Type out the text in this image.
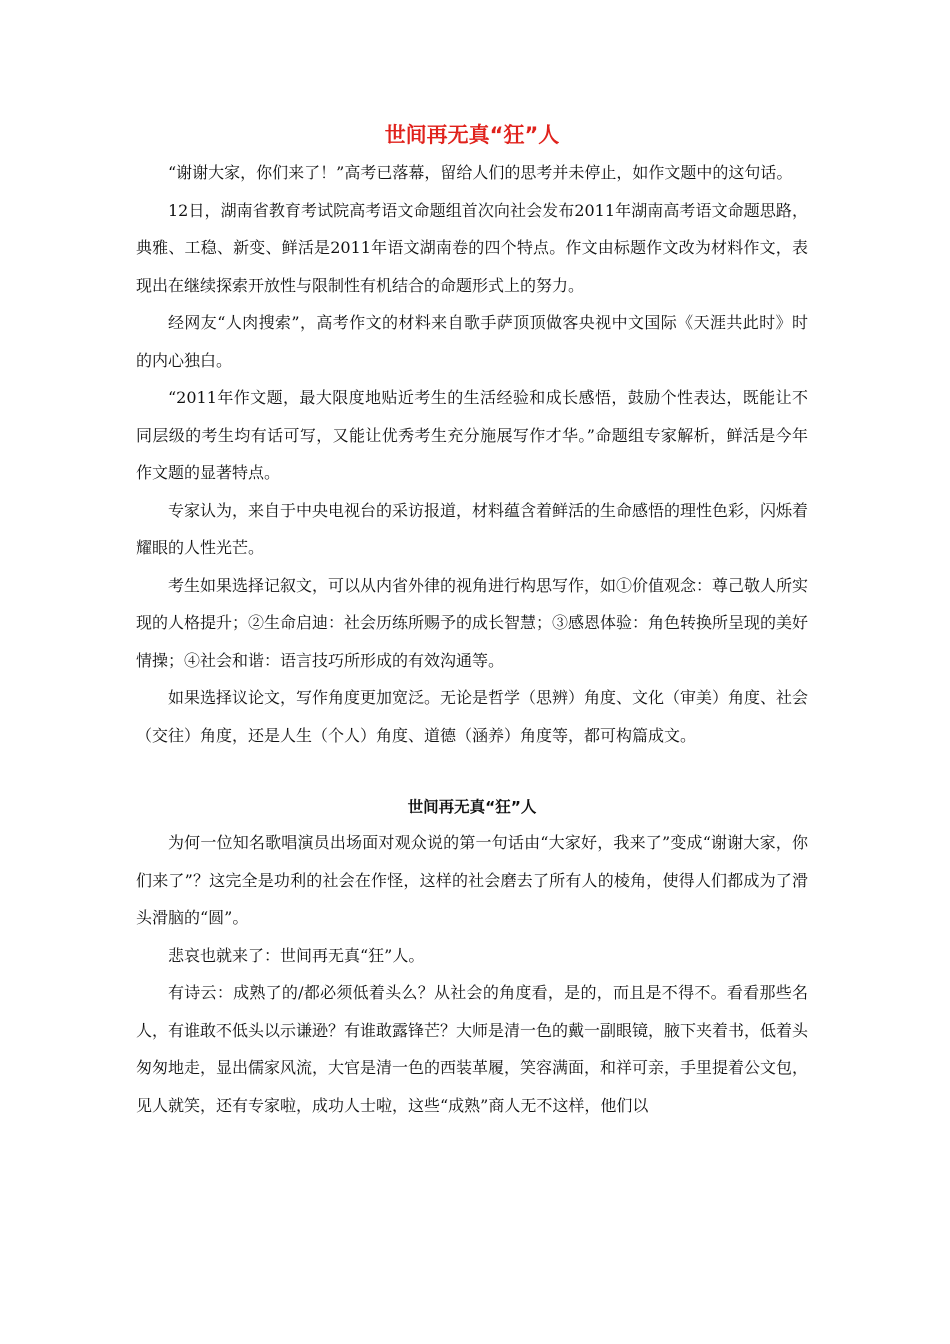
世间再无真“狂”人

“谢谢大家，你们来了！”高考已落幕，留给人们的思考并未停止，如作文题中的这句话。

12日，湖南省教育考试院高考语文命题组首次向社会发布2011年湖南高考语文命题思路，典雅、工稳、新变、鲜活是2011年语文湖南卷的四个特点。作文由标题作文改为材料作文，表现出在继续探索开放性与限制性有机结合的命题形式上的努力。

经网友“人肉搜索”，高考作文的材料来自歌手萨顶顶做客央视中文国际《天涯共此时》时的内心独白。

“2011年作文题，最大限度地贴近考生的生活经验和成长感悟，鼓励个性表达，既能让不同层级的考生均有话可写，又能让优秀考生充分施展写作才华。”命题组专家解析，鲜活是今年作文题的显著特点。

专家认为，来自于中央电视台的采访报道，材料蕴含着鲜活的生命感悟的理性色彩，闪烁着耀眼的人性光芒。

考生如果选择记叙文，可以从内省外律的视角进行构思写作，如①价值观念：尊己敬人所实现的人格提升；②生命启迪：社会历练所赐予的成长智慧；③感恩体验：角色转换所呈现的美好情操；④社会和谐：语言技巧所形成的有效沟通等。

如果选择议论文，写作角度更加宽泛。无论是哲学（思辨）角度、文化（审美）角度、社会（交往）角度，还是人生（个人）角度、道德（涵养）角度等，都可构篇成文。

世间再无真“狂”人

为何一位知名歌唱演员出场面对观众说的第一句话由“大家好，我来了”变成“谢谢大家，你们来了”？这完全是功利的社会在作怪，这样的社会磨去了所有人的棱角，使得人们都成为了滑头滑脑的“圆”。

悲哀也就来了：世间再无真“狂”人。

有诗云：成熟了的/都必须低着头么？从社会的角度看，是的，而且是不得不。看看那些名人，有谁敢不低头以示谦逊？有谁敢露锋芒？大师是清一色的戴一副眼镜，腋下夹着书，低着头匆匆地走，显出儒家风流，大官是清一色的西装革履，笑容满面，和祥可亲，手里提着公文包，见人就笑，还有专家啦，成功人士啦，这些“成熟”商人无不这样，他们以
